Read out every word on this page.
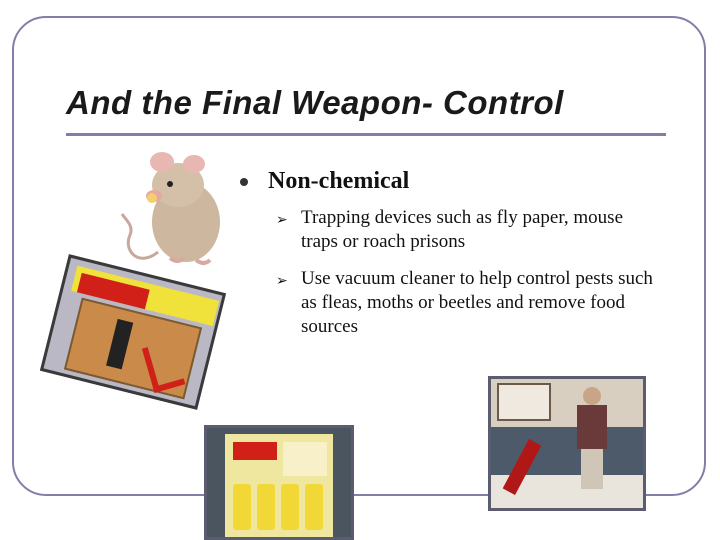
And the Final Weapon- Control
Non-chemical
➢ Trapping devices such as fly paper, mouse traps or roach prisons
➢ Use vacuum cleaner to help control pests such as fleas, moths or beetles and remove food sources
